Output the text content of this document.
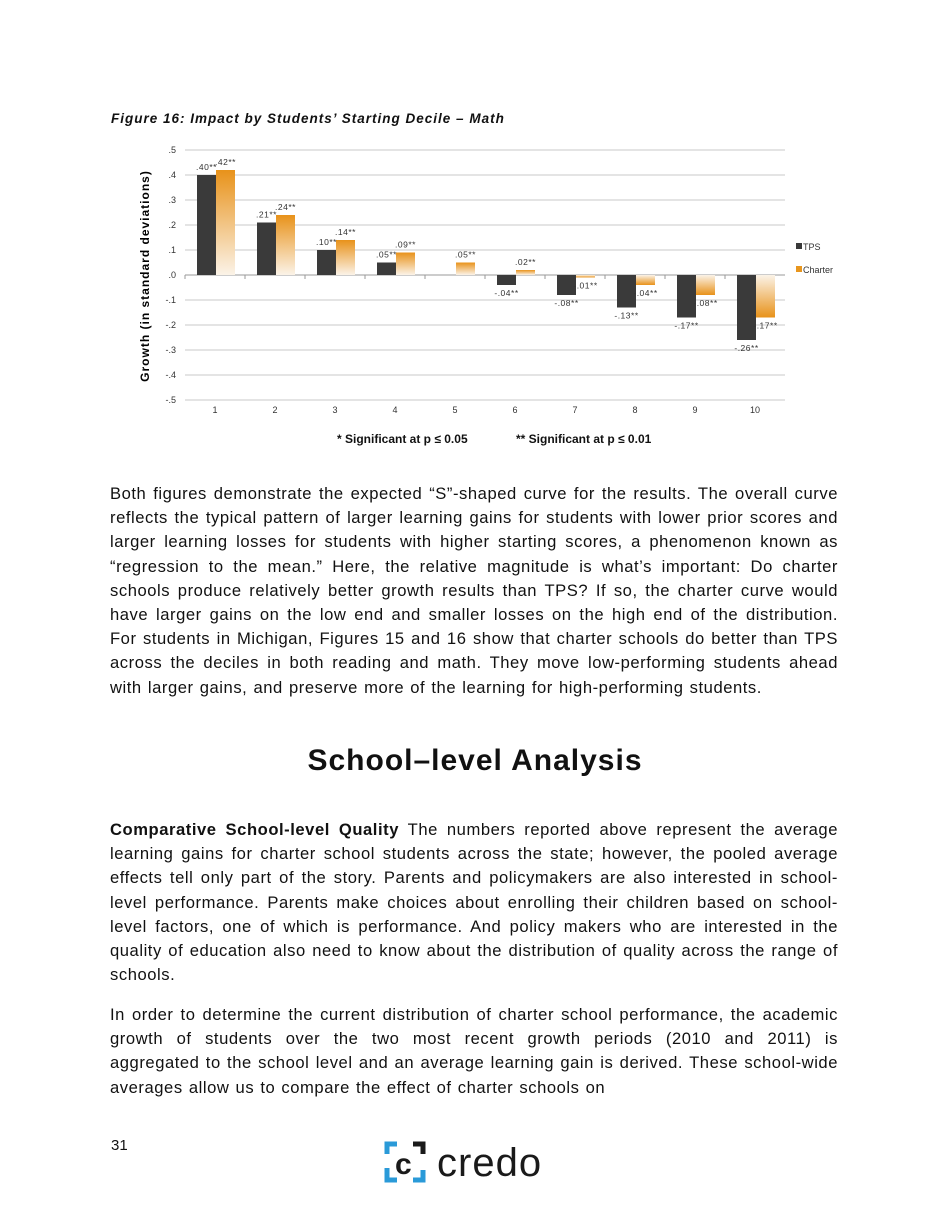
Figure 16: Impact by Students’ Starting Decile – Math
Growth (in standard deviations)
.5
.4
.3
.2
.1
.0
-.1
-.2
-.3
-.4
-.5
1	2	3	4	5	6	7	8	9	10
.40**
.21**
.10**
.05**
-.04**
-.08**
-.13**
-.17**
-.26**
.42**
.24**
.14**
.09**
.05**
.02**
-.01**
-.04**
-.08**
-.17**
TPS
Charter
* Significant at p ≤ 0.05	** Significant at p ≤ 0.01

Both figures demonstrate the expected “S”-shaped curve for the results. The overall curve reflects the typical pattern of larger learning gains for students with lower prior scores and larger learning losses for students with higher starting scores, a phenomenon known as “regression to the mean.” Here, the relative magnitude is what’s important: Do charter schools produce relatively better growth results than TPS? If so, the charter curve would have larger gains on the low end and smaller losses on the high end of the distribution. For students in Michigan, Figures 15 and 16 show that charter schools do better than TPS across the deciles in both reading and math. They move low-performing students ahead with larger gains, and preserve more of the learning for high-performing students.

School–level Analysis

Comparative School-level Quality The numbers reported above represent the average learning gains for charter school students across the state; however, the pooled average effects tell only part of the story. Parents and policymakers are also interested in school-level performance. Parents make choices about enrolling their children based on school-level factors, one of which is performance. And policy makers who are interested in the quality of education also need to know about the distribution of quality across the range of schools.

In order to determine the current distribution of charter school performance, the academic growth of students over the two most recent growth periods (2010 and 2011) is aggregated to the school level and an average learning gain is derived. These school-wide averages allow us to compare the effect of charter schools on

31
c credo
